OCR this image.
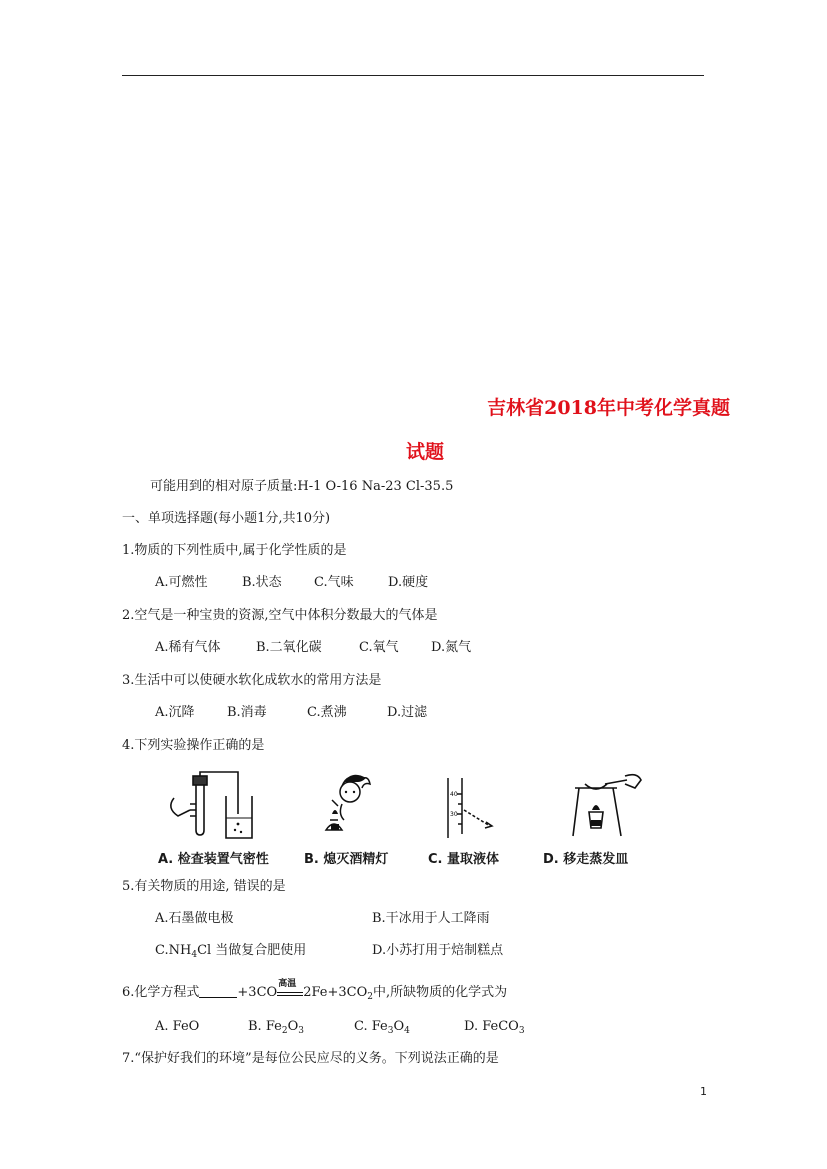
吉林省2018年中考化学真题
试题
可能用到的相对原子质量:H-1 O-16 Na-23 Cl-35.5
一、单项选择题(每小题1分,共10分)
1.物质的下列性质中,属于化学性质的是
A.可燃性	B.状态 C.气味	D.硬度
2.空气是一种宝贵的资源,空气中体积分数最大的气体是
A.稀有气体	B.二氧化碳	C.氧气 D.氮气
3.生活中可以使硬水软化成软水的常用方法是
A.沉降 B.消毒	C.煮沸	D.过滤
4.下列实验操作正确的是
40
30
A. 检查装置气密性	B. 熄灭酒精灯	C. 量取液体	D. 移走蒸发皿
5.有关物质的用途, 错误的是
A.石墨做电极	B.干冰用于人工降雨
$C.NH_4Cl$ 当做复合肥使用	D.小苏打用于焙制糕点
6.化学方程式	+3CO
高温
$2Fe+3CO_2$中,所缺物质的化学式为
A. FeO	B. $Fe_2O_3$	C. $Fe_3O_4$	D. FeCO$_3$
7.“保护好我们的环境”是每位公民应尽的义务。下列说法正确的是
1
